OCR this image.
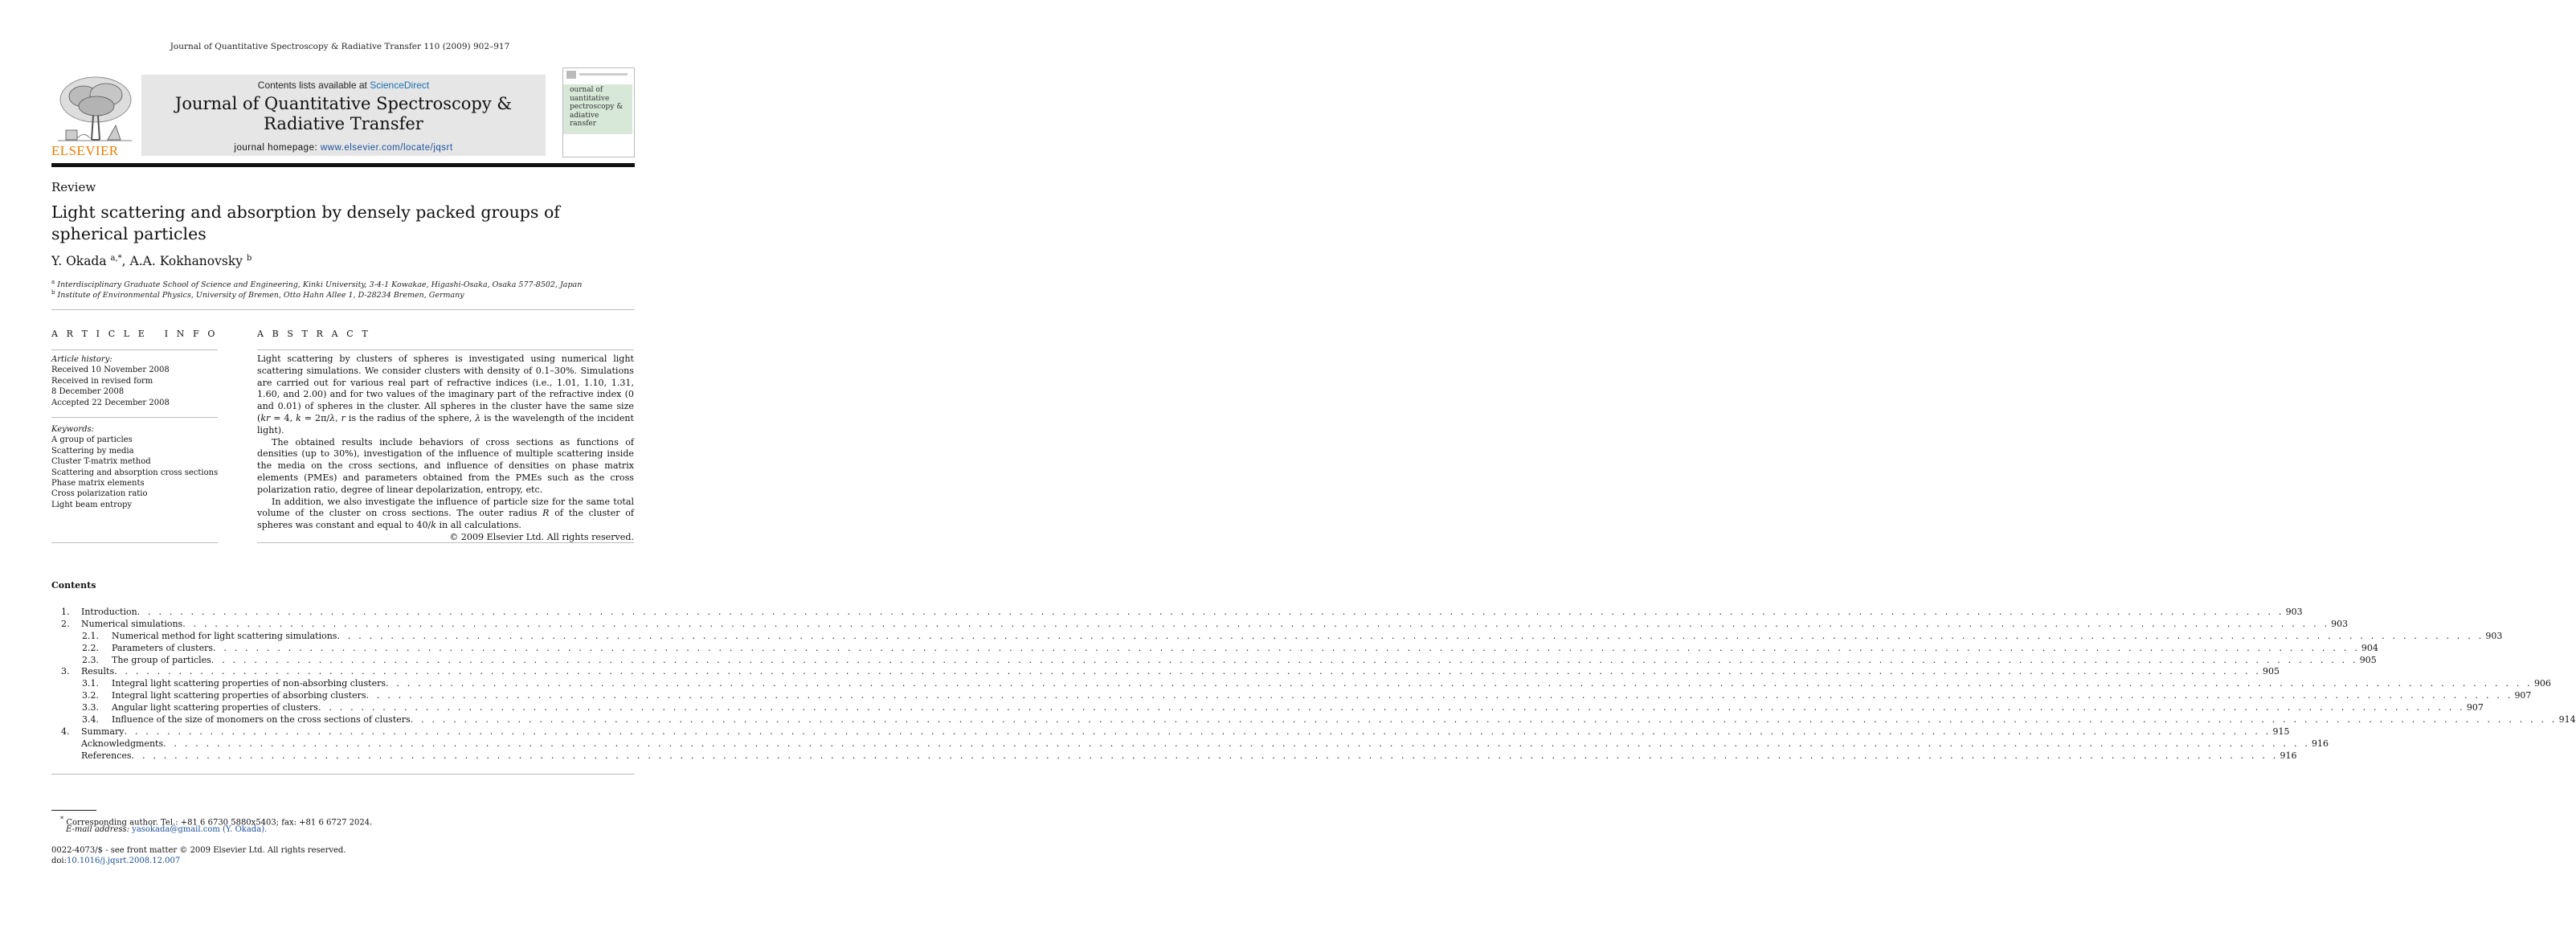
Journal of Quantitative Spectroscopy & Radiative Transfer 110 (2009) 902–917
ELSEVIER
Contents lists available at ScienceDirect
Journal of Quantitative Spectroscopy &
Radiative Transfer
journal homepage: www.elsevier.com/locate/jqsrt
ournal of
uantitative
pectroscopy &
adiative
ransfer
Review
Light scattering and absorption by densely packed groups of spherical particles
Y. Okada $^{a,*}$, A.A. Kokhanovsky $^b$
$^a$ Interdisciplinary Graduate School of Science and Engineering, Kinki University, 3-4-1 Kowakae, Higashi-Osaka, Osaka 577-8502, Japan
$^b$ Institute of Environmental Physics, University of Bremen, Otto Hahn Allee 1, D-28234 Bremen, Germany
A R T I C L E   I N F O
Article history:
Received 10 November 2008
Received in revised form
8 December 2008
Accepted 22 December 2008
Keywords:
A group of particles
Scattering by media
Cluster T-matrix method
Scattering and absorption cross sections
Phase matrix elements
Cross polarization ratio
Light beam entropy
A B S T R A C T

Light scattering by clusters of spheres is investigated using numerical light scattering simulations. We consider clusters with density of 0.1–30%. Simulations are carried out for various real part of refractive indices (i.e., 1.01, 1.10, 1.31, 1.60, and 2.00) and for two values of the imaginary part of the refractive index (0 and 0.01) of spheres in the cluster. All spheres in the cluster have the same size (kr = 4, k = 2π/λ, r is the radius of the sphere, λ is the wavelength of the incident light).

The obtained results include behaviors of cross sections as functions of densities (up to 30%), investigation of the influence of multiple scattering inside the media on the cross sections, and influence of densities on phase matrix elements (PMEs) and parameters obtained from the PMEs such as the cross polarization ratio, degree of linear depolarization, entropy, etc.

In addition, we also investigate the influence of particle size for the same total volume of the cluster on cross sections. The outer radius R of the cluster of spheres was constant and equal to 40/k in all calculations.

© 2009 Elsevier Ltd. All rights reserved.

Contents
1. Introduction . . . . . . . . . . . . . . . . . . . . . . . . . . . . . . . . . . . . . . . . . . . . . . . . . . . . . . . . . . . . . . . . . . . . . . . . . . . . . . . . . . . . . . . . . . . . . . . . . . . . . . . . . . . . . . . . . . . . . . . . . . . . . . . . . . . . . . . . . . . . . . . . . . . . . . . . . . . . . . . . . . . . . . . . . . . . . . . . . . . . . . . . . . . . . . . . . . . . . . . . 903
2. Numerical simulations . . . . . . . . . . . . . . . . . . . . . . . . . . . . . . . . . . . . . . . . . . . . . . . . . . . . . . . . . . . . . . . . . . . . . . . . . . . . . . . . . . . . . . . . . . . . . . . . . . . . . . . . . . . . . . . . . . . . . . . . . . . . . . . . . . . . . . . . . . . . . . . . . . . . . . . . . . . . . . . . . . . . . . . . . . . . . . . . . . . . . . . . . . . . . . . . . . . . . . . . 903
2.1. Numerical method for light scattering simulations . . . . . . . . . . . . . . . . . . . . . . . . . . . . . . . . . . . . . . . . . . . . . . . . . . . . . . . . . . . . . . . . . . . . . . . . . . . . . . . . . . . . . . . . . . . . . . . . . . . . . . . . . . . . . . . . . . . . . . . . . . . . . . . . . . . . . . . . . . . . . . . . . . . . . . . . . . . . . . . . . . . . . . . . . . . . . . . . . . . . . . . . . . . . . . . . . . . . . . . . 903
2.2. Parameters of clusters . . . . . . . . . . . . . . . . . . . . . . . . . . . . . . . . . . . . . . . . . . . . . . . . . . . . . . . . . . . . . . . . . . . . . . . . . . . . . . . . . . . . . . . . . . . . . . . . . . . . . . . . . . . . . . . . . . . . . . . . . . . . . . . . . . . . . . . . . . . . . . . . . . . . . . . . . . . . . . . . . . . . . . . . . . . . . . . . . . . . . . . . . . . . . . . . . . . . . . . . 904
2.3. The group of particles . . . . . . . . . . . . . . . . . . . . . . . . . . . . . . . . . . . . . . . . . . . . . . . . . . . . . . . . . . . . . . . . . . . . . . . . . . . . . . . . . . . . . . . . . . . . . . . . . . . . . . . . . . . . . . . . . . . . . . . . . . . . . . . . . . . . . . . . . . . . . . . . . . . . . . . . . . . . . . . . . . . . . . . . . . . . . . . . . . . . . . . . . . . . . . . . . . . . . . . . 905
3. Results . . . . . . . . . . . . . . . . . . . . . . . . . . . . . . . . . . . . . . . . . . . . . . . . . . . . . . . . . . . . . . . . . . . . . . . . . . . . . . . . . . . . . . . . . . . . . . . . . . . . . . . . . . . . . . . . . . . . . . . . . . . . . . . . . . . . . . . . . . . . . . . . . . . . . . . . . . . . . . . . . . . . . . . . . . . . . . . . . . . . . . . . . . . . . . . . . . . . . . . . 905
3.1. Integral light scattering properties of non-absorbing clusters . . . . . . . . . . . . . . . . . . . . . . . . . . . . . . . . . . . . . . . . . . . . . . . . . . . . . . . . . . . . . . . . . . . . . . . . . . . . . . . . . . . . . . . . . . . . . . . . . . . . . . . . . . . . . . . . . . . . . . . . . . . . . . . . . . . . . . . . . . . . . . . . . . . . . . . . . . . . . . . . . . . . . . . . . . . . . . . . . . . . . . . . . . . . . . . . . . . . . . . . 906
3.2. Integral light scattering properties of absorbing clusters . . . . . . . . . . . . . . . . . . . . . . . . . . . . . . . . . . . . . . . . . . . . . . . . . . . . . . . . . . . . . . . . . . . . . . . . . . . . . . . . . . . . . . . . . . . . . . . . . . . . . . . . . . . . . . . . . . . . . . . . . . . . . . . . . . . . . . . . . . . . . . . . . . . . . . . . . . . . . . . . . . . . . . . . . . . . . . . . . . . . . . . . . . . . . . . . . . . . . . . . 907
3.3. Angular light scattering properties of clusters . . . . . . . . . . . . . . . . . . . . . . . . . . . . . . . . . . . . . . . . . . . . . . . . . . . . . . . . . . . . . . . . . . . . . . . . . . . . . . . . . . . . . . . . . . . . . . . . . . . . . . . . . . . . . . . . . . . . . . . . . . . . . . . . . . . . . . . . . . . . . . . . . . . . . . . . . . . . . . . . . . . . . . . . . . . . . . . . . . . . . . . . . . . . . . . . . . . . . . . . 907
3.4. Influence of the size of monomers on the cross sections of clusters . . . . . . . . . . . . . . . . . . . . . . . . . . . . . . . . . . . . . . . . . . . . . . . . . . . . . . . . . . . . . . . . . . . . . . . . . . . . . . . . . . . . . . . . . . . . . . . . . . . . . . . . . . . . . . . . . . . . . . . . . . . . . . . . . . . . . . . . . . . . . . . . . . . . . . . . . . . . . . . . . . . . . . . . . . . . . . . . . . . . . . . . . . . . . . . . . . . . . . . . 914
4. Summary . . . . . . . . . . . . . . . . . . . . . . . . . . . . . . . . . . . . . . . . . . . . . . . . . . . . . . . . . . . . . . . . . . . . . . . . . . . . . . . . . . . . . . . . . . . . . . . . . . . . . . . . . . . . . . . . . . . . . . . . . . . . . . . . . . . . . . . . . . . . . . . . . . . . . . . . . . . . . . . . . . . . . . . . . . . . . . . . . . . . . . . . . . . . . . . . . . . . . . . . 915
Acknowledgments . . . . . . . . . . . . . . . . . . . . . . . . . . . . . . . . . . . . . . . . . . . . . . . . . . . . . . . . . . . . . . . . . . . . . . . . . . . . . . . . . . . . . . . . . . . . . . . . . . . . . . . . . . . . . . . . . . . . . . . . . . . . . . . . . . . . . . . . . . . . . . . . . . . . . . . . . . . . . . . . . . . . . . . . . . . . . . . . . . . . . . . . . . . . . . . . . . . . . . . . 916
References . . . . . . . . . . . . . . . . . . . . . . . . . . . . . . . . . . . . . . . . . . . . . . . . . . . . . . . . . . . . . . . . . . . . . . . . . . . . . . . . . . . . . . . . . . . . . . . . . . . . . . . . . . . . . . . . . . . . . . . . . . . . . . . . . . . . . . . . . . . . . . . . . . . . . . . . . . . . . . . . . . . . . . . . . . . . . . . . . . . . . . . . . . . . . . . . . . . . . . . . 916
* Corresponding author. Tel.: +81 6 6730 5880x5403; fax: +81 6 6727 2024.
E-mail address: yasokada@gmail.com (Y. Okada).
0022-4073/$ - see front matter © 2009 Elsevier Ltd. All rights reserved.
doi:10.1016/j.jqsrt.2008.12.007
